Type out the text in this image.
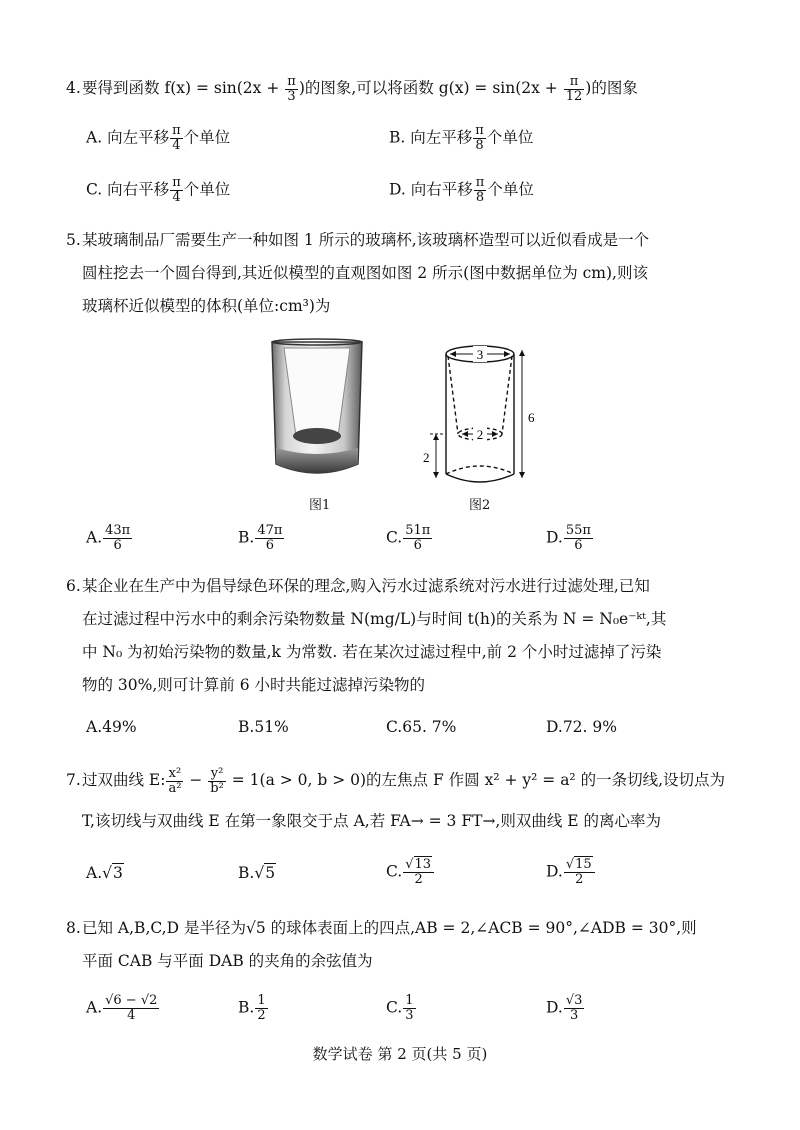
4. 要得到函数 $f(x) = \sin(2x + \frac{\pi}{3}$ )的图象,可以将函数 $g(x) = \sin(2x + \frac{\pi}{12}$ )的图象
A. 向左平移 $\frac{\pi}{4}$ 个单位	B. 向左平移 $\frac{\pi}{8}$ 个单位
C. 向右平移 $\frac{\pi}{4}$ 个单位	D. 向右平移 $\frac{\pi}{8}$ 个单位
5. 某玻璃制品厂需要生产一种如图 1 所示的玻璃杯,该玻璃杯造型可以近似看成是一个
圆柱挖去一个圆台得到,其近似模型的直观图如图 2 所示(图中数据单位为 cm),则该
玻璃杯近似模型的体积(单位:cm³)为
图1
3
6
2
2
图2
A. $\frac{43\pi}{6}$	B. $\frac{47\pi}{6}$	C. $\frac{51\pi}{6}$	D. $\frac{55\pi}{6}$
6. 某企业在生产中为倡导绿色环保的理念,购入污水过滤系统对污水进行过滤处理,已知
在过滤过程中污水中的剩余污染物数量 N(mg/L)与时间 t(h)的关系为 N = N₀e⁻ᵏᵗ,其
中 N₀ 为初始污染物的数量,k 为常数. 若在某次过滤过程中,前 2 个小时过滤掉了污染
物的 30%,则可计算前 6 小时共能过滤掉污染物的
A.49%	B.51%	C.65. 7%	D.72. 9%
7. 过双曲线 E: $\frac{\text{x²}}{\text{a²}} - \frac{\text{y²}}{\text{b²}} = 1(a > 0$, b > 0)的左焦点 F 作圆 x² + y² = a² 的一条切线,设切点为
T,该切线与双曲线 E 在第一象限交于点 A,若 FA→ = 3 FT→,则双曲线 E 的离心率为
A.√3	B.√5	C. $\frac{√13}{2}$	D. $\frac{√15}{2}$
8. 已知 A,B,C,D 是半径为√5 的球体表面上的四点,AB = 2,∠ACB = 90°,∠ADB = 30°,则
平面 CAB 与平面 DAB 的夹角的余弦值为
A. $\frac{√6 - √2}{4}$	B. $\frac{1}{2}$	C. $\frac{1}{3}$	D. $\frac{√3}{3}$
数学试卷 第 2 页(共 5 页)
